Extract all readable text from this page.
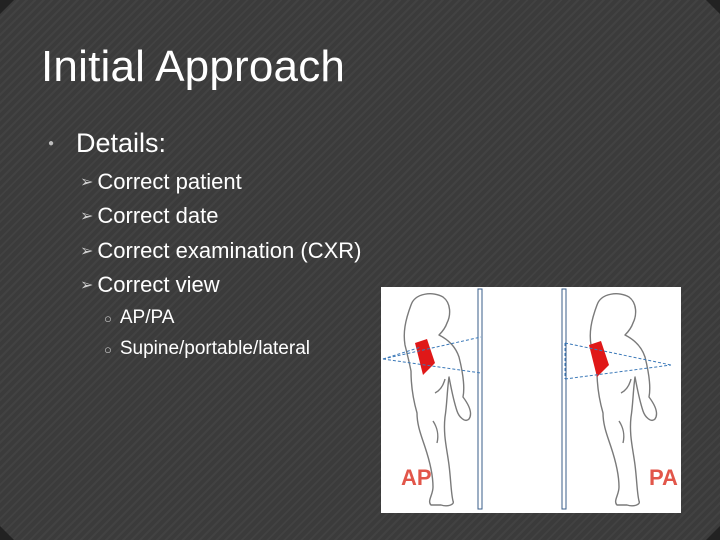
Initial Approach
● Details:
➢ Correct patient
➢ Correct date
➢ Correct examination (CXR)
➢ Correct view
○ AP/PA
○ Supine/portable/lateral
AP	PA
